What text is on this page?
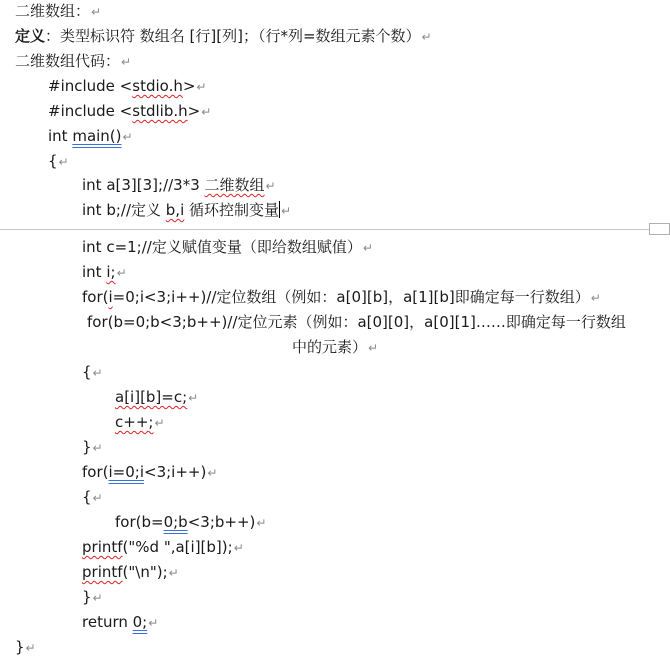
二维数组：↵
定义：类型标识符 数组名 [行][列]；（行*列=数组元素个数）↵
二维数组代码：↵
#include <stdio.h>↵
#include <stdlib.h>↵
int main()↵
{↵
int a[3][3];//3*3 二维数组↵
int b;//定义 b,i 循环控制变量 ↵
int c=1;//定义赋值变量（即给数组赋值）↵
int i;↵
for(i=0;i<3;i++)//定位数组（例如：a[0][b]，a[1][b]即确定每一行数组）↵
for(b=0;b<3;b++)//定位元素（例如：a[0][0]，a[0][1]……即确定每一行数组
中的元素）↵
{↵
a[i][b]=c;↵
c++;↵
}↵
for(i=0;i<3;i++)↵
{↵
for(b=0;b<3;b++)↵
printf("%d ",a[i][b]);↵
printf("\n");↵
}↵
return 0;↵
}↵
